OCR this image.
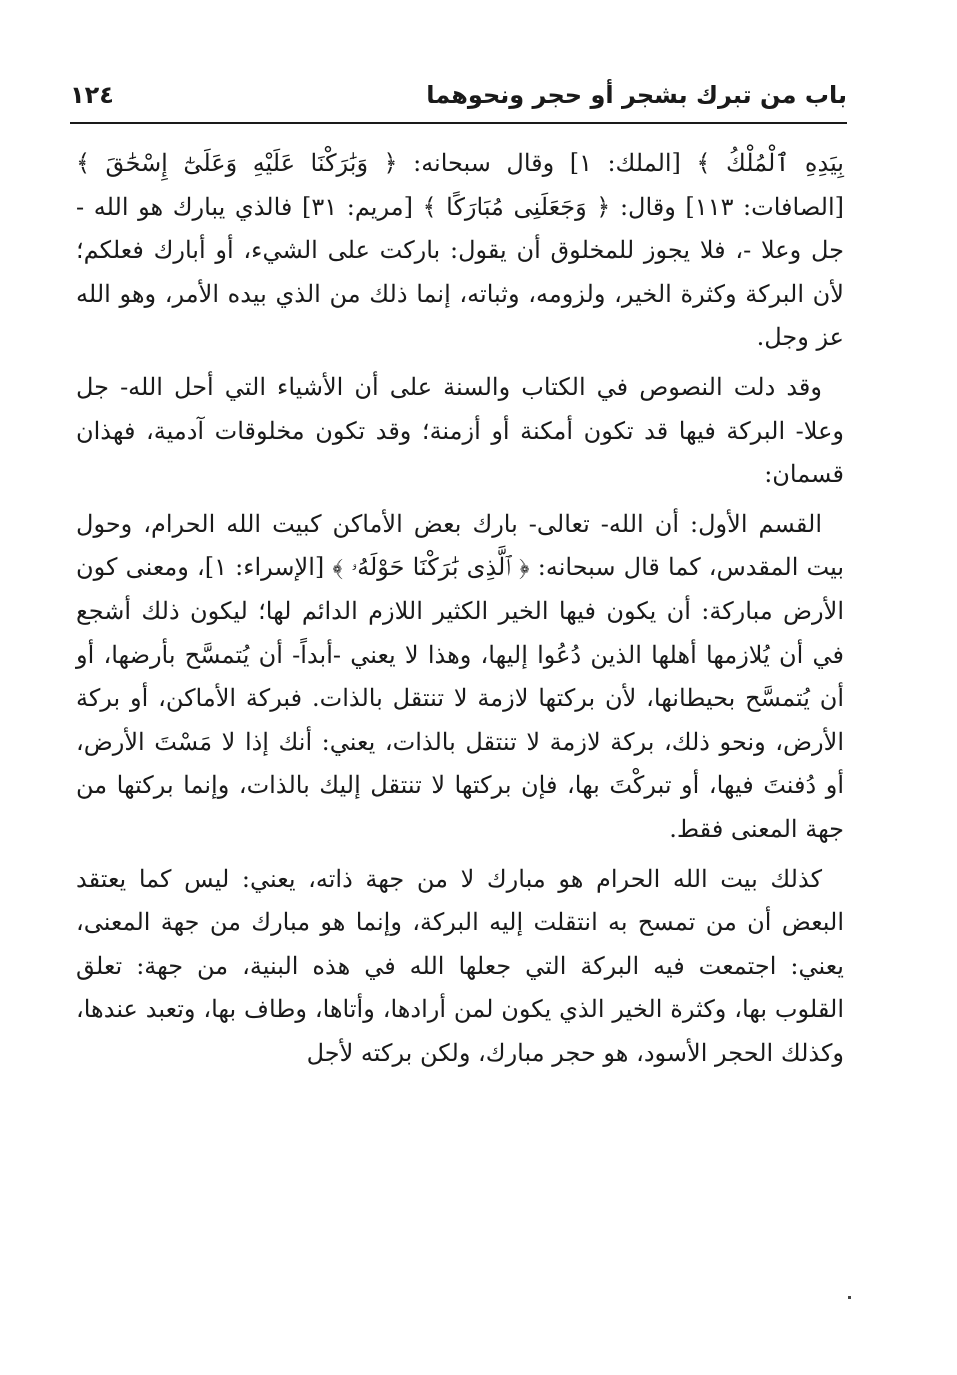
باب من تبرك بشجر أو حجر ونحوهما
١٢٤

بِيَدِهِ ٱلْمُلْكُ ﴾ [الملك: ١] وقال سبحانه: ﴿ وَبَٰرَكْنَا عَلَيْهِ وَعَلَىٰٓ إِسْحَٰقَ ﴾ [الصافات: ١١٣] وقال: ﴿ وَجَعَلَنِى مُبَارَكًا ﴾ [مريم: ٣١] فالذي يبارك هو الله - جل وعلا -، فلا يجوز للمخلوق أن يقول: باركت على الشيء، أو أبارك فعلكم؛ لأن البركة وكثرة الخير، ولزومه، وثباته، إنما ذلك من الذي بيده الأمر، وهو الله عز وجل.

وقد دلت النصوص في الكتاب والسنة على أن الأشياء التي أحل الله- جل وعلا- البركة فيها قد تكون أمكنة أو أزمنة؛ وقد تكون مخلوقات آدمية، فهذان قسمان:

القسم الأول: أن الله- تعالى- بارك بعض الأماكن كبيت الله الحرام، وحول بيت المقدس، كما قال سبحانه: ﴿ ٱلَّذِى بَٰرَكْنَا حَوْلَهُۥ ﴾ [الإسراء: ١]، ومعنى كون الأرض مباركة: أن يكون فيها الخير الكثير اللازم الدائم لها؛ ليكون ذلك أشجع في أن يُلازمها أهلها الذين دُعُوا إليها، وهذا لا يعني -أبداً- أن يُتمسَّح بأرضها، أو أن يُتمسَّح بحيطانها، لأن بركتها لازمة لا تنتقل بالذات. فبركة الأماكن، أو بركة الأرض، ونحو ذلك، بركة لازمة لا تنتقل بالذات، يعني: أنك إذا لا مَسْتَ الأرض، أو دُفنتَ فيها، أو تبركْتَ بها، فإن بركتها لا تنتقل إليك بالذات، وإنما بركتها من جهة المعنى فقط.

كذلك بيت الله الحرام هو مبارك لا من جهة ذاته، يعني: ليس كما يعتقد البعض أن من تمسح به انتقلت إليه البركة، وإنما هو مبارك من جهة المعنى، يعني: اجتمعت فيه البركة التي جعلها الله في هذه البنية، من جهة: تعلق القلوب بها، وكثرة الخير الذي يكون لمن أرادها، وأتاها، وطاف بها، وتعبد عندها، وكذلك الحجر الأسود، هو حجر مبارك، ولكن بركته لأجل
